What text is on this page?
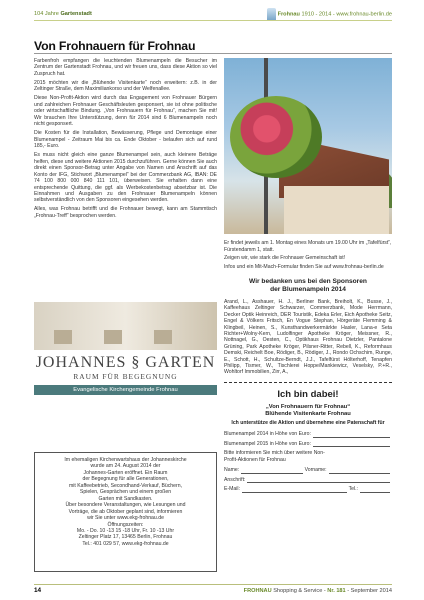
104 Jahre Gartenstadt	Frohnau 1910 - 2014 - www.frohnau-berlin.de
Von Frohnauern für Frohnau

Farbenfroh empfangen die leuchtenden Blumenampeln die Besucher im Zentrum der Gartenstadt Frohnau, und wir freuen uns, dass diese Aktion so viel Zuspruch hat.

2015 möchten wir die „Blühende Visitenkarte“ noch erweitern: z.B. in der Zeltinger Straße, dem Maximiliankorso und der Welfenallee.

Diese Non-Profit-Aktion wird durch das Engagement von Frohnauer Bürgern und zahlreichen Frohnauer Geschäftsleuten gesponsert, sie ist ohne politische oder wirtschaftliche Bindung. „Von Frohnauern für Frohnau“, machen Sie mit! Wir brauchen Ihre Unterstützung, denn für 2014 sind 6 Blumenampeln noch nicht gesponsert.

Die Kosten für die Installation, Bewässerung, Pflege und Demontage einer Blumenampel - Zeitraum Mai bis ca. Ende Oktober - belaufen sich auf rund 185,- Euro.

Es muss nicht gleich eine ganze Blumenampel sein, auch kleinere Beträge helfen, diese und weitere Aktionen 2015 durchzuführen. Gerne können Sie auch direkt einen Sponsor-Betrag unter Angabe von Namen und Anschrift auf das Konto der IFG, Stichwort „Blumenampel“ bei der Commerzbank AG, IBAN: DE 74 100 800 000 840 111 101, überweisen. Sie erhalten dann eine entsprechende Quittung, die ggf. als Werbekostenbetrag absetzbar ist. Die Einnahmen und Ausgaben zu den Frohnauer Blumenampeln können selbstverständlich von den Sponsoren eingesehen werden.

Alles, was Frohnau betrifft und die Frohnauer bewegt, kann am Stammtisch „Frohnau-Treff“ besprochen werden.

JOHANNES § GARTEN
RAUM FÜR BEGEGNUNG
Evangelische Kirchengemeinde Frohnau
Im ehemaligen Kirchenwartshaus der Johanneskirche
wurde am 24. August 2014 der
Johannes-Garten eröffnet. Ein Raum
der Begegnung für alle Generationen,
mit Kaffeebetrieb, Secondhand-Verkauf, Büchern,
Spielen, Gesprächen und einem großen
Garten mit Sandkasten.
Über besondere Veranstaltungen, wie Lesungen und
Vorträge, die ab Oktober geplant sind, informieren
wir Sie unter www.ekg-frohnau.de
Öffnungszeiten:
Mo. - Do. 10 -13 15 -18 Uhr, Fr. 10 -13 Uhr
Zeltinger Platz 17, 13465 Berlin, Frohnau
Tel.: 401 029 57, www.ekg-frohnau.de

Er findet jeweils am 1. Montag eines Monats um 19.00 Uhr im „Tafelfürst“, Fürstendamm 1, statt.

Zeigen wir, wie stark die Frohnauer Gemeinschaft ist!

Infos und ein Mit-Mach-Formular finden Sie auf www.frohnau-berlin.de

Wir bedanken uns bei den Sponsoren
der Blumenampeln 2014
Arand, L., Asshauer, H. J., Berliner Bank, Breiholt, K., Busse, J., Kaffeehaus Zeltinger Schwarzer, Commerzbank, Mode Herrmann, Decker Optik Heinreich, DER Touristik, Edeka Erler, Eich Apotheke Seitz, Engel & Völkers Fritsch, En Vogue Stephan, Hörgeräte Flemming & Klingbeil, Heinen, S., Kunsthandwerkermärkte Hasler, Lana-e Seta Richter+Wolny-Kern, Ludolfinger Apotheke Kröger, Meissner, R., Nottnagel, G., Oesten, C., Optikhaus Frohnau Dietzler, Pantalone Grüning, Park Apotheke Kröger, Pilsner-Ritter, Rebell, K., Reformhaus Demski, Reichelt Boe, Rödiger, B., Rödiger, J., Rondo Ochschim, Runge, E., Schott, H., Schultze-Berndt, J.J., Tafelfürst Hölterhoff, Tenapfen Philipp, Tismer, W., Tischlerei Hoppe/Mankiewicz, Veselsky, P.+R., Wohltorf Immobilien, Zirr, A.,
Ich bin dabei!
„Von Frohnauern für Frohnau“
Blühende Visitenkarte Frohnau
Ich unterstütze die Aktion und übernehme eine Patenschaft für
Blumenampel 2014 in Höhe von Euro:
Blumenampel 2015 in Höhe von Euro:
Bitte informieren Sie mich über weitere Non-Profit-Aktionen für Frohnau
Name:	Vorname:
Anschrift:
E-Mail:	Tel.:
14	FROHNAU Shopping & Service - Nr. 181 - September 2014
